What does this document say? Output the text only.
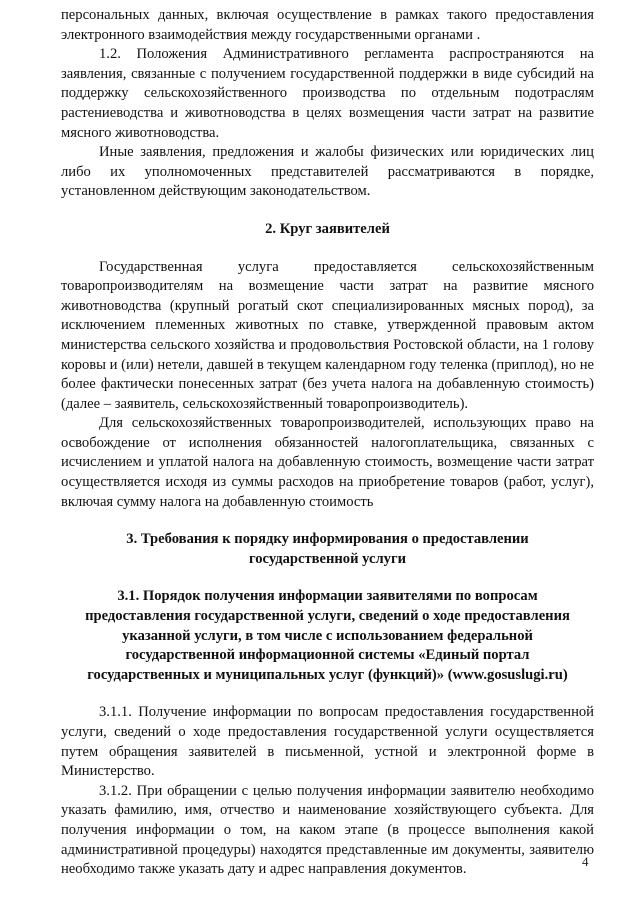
персональных данных, включая осуществление в рамках такого предоставления электронного взаимодействия между государственными органами .

1.2. Положения Административного регламента распространяются на заявления, связанные с получением государственной поддержки в виде субсидий на поддержку сельскохозяйственного производства по отдельным подотраслям растениеводства и животноводства в целях возмещения части затрат на развитие мясного животноводства.

Иные заявления, предложения и жалобы физических или юридических лиц либо их уполномоченных представителей рассматриваются в порядке, установленном действующим законодательством.

2. Круг заявителей

Государственная услуга предоставляется сельскохозяйственным товаропроизводителям на возмещение части затрат на развитие мясного животноводства (крупный рогатый скот специализированных мясных пород), за исключением племенных животных по ставке, утвержденной правовым актом министерства сельского хозяйства и продовольствия Ростовской области, на 1 голову коровы и (или) нетели, давшей в текущем календарном году теленка (приплод), но не более фактически понесенных затрат (без учета налога на добавленную стоимость) (далее – заявитель, сельскохозяйственный товаропроизводитель).

Для сельскохозяйственных товаропроизводителей, использующих право на освобождение от исполнения обязанностей налогоплательщика, связанных с исчислением и уплатой налога на добавленную стоимость, возмещение части затрат осуществляется исходя из суммы расходов на приобретение товаров (работ, услуг), включая сумму налога на добавленную стоимость

3. Требования к порядку информирования о предоставлении
государственной услуги
3.1. Порядок получения информации заявителями по вопросам
предоставления государственной услуги, сведений о ходе предоставления
указанной услуги, в том числе с использованием федеральной
государственной информационной системы «Единый портал
государственных и муниципальных услуг (функций)» (www.gosuslugi.ru)

3.1.1. Получение информации по вопросам предоставления государственной услуги, сведений о ходе предоставления государственной услуги осуществляется путем обращения заявителей в письменной, устной и электронной форме в Министерство.

3.1.2. При обращении с целью получения информации заявителю необходимо указать фамилию, имя, отчество и наименование хозяйствующего субъекта. Для получения информации о том, на каком этапе (в процессе выполнения какой административной процедуры) находятся представленные им документы, заявителю необходимо также указать дату и адрес направления документов.	4
